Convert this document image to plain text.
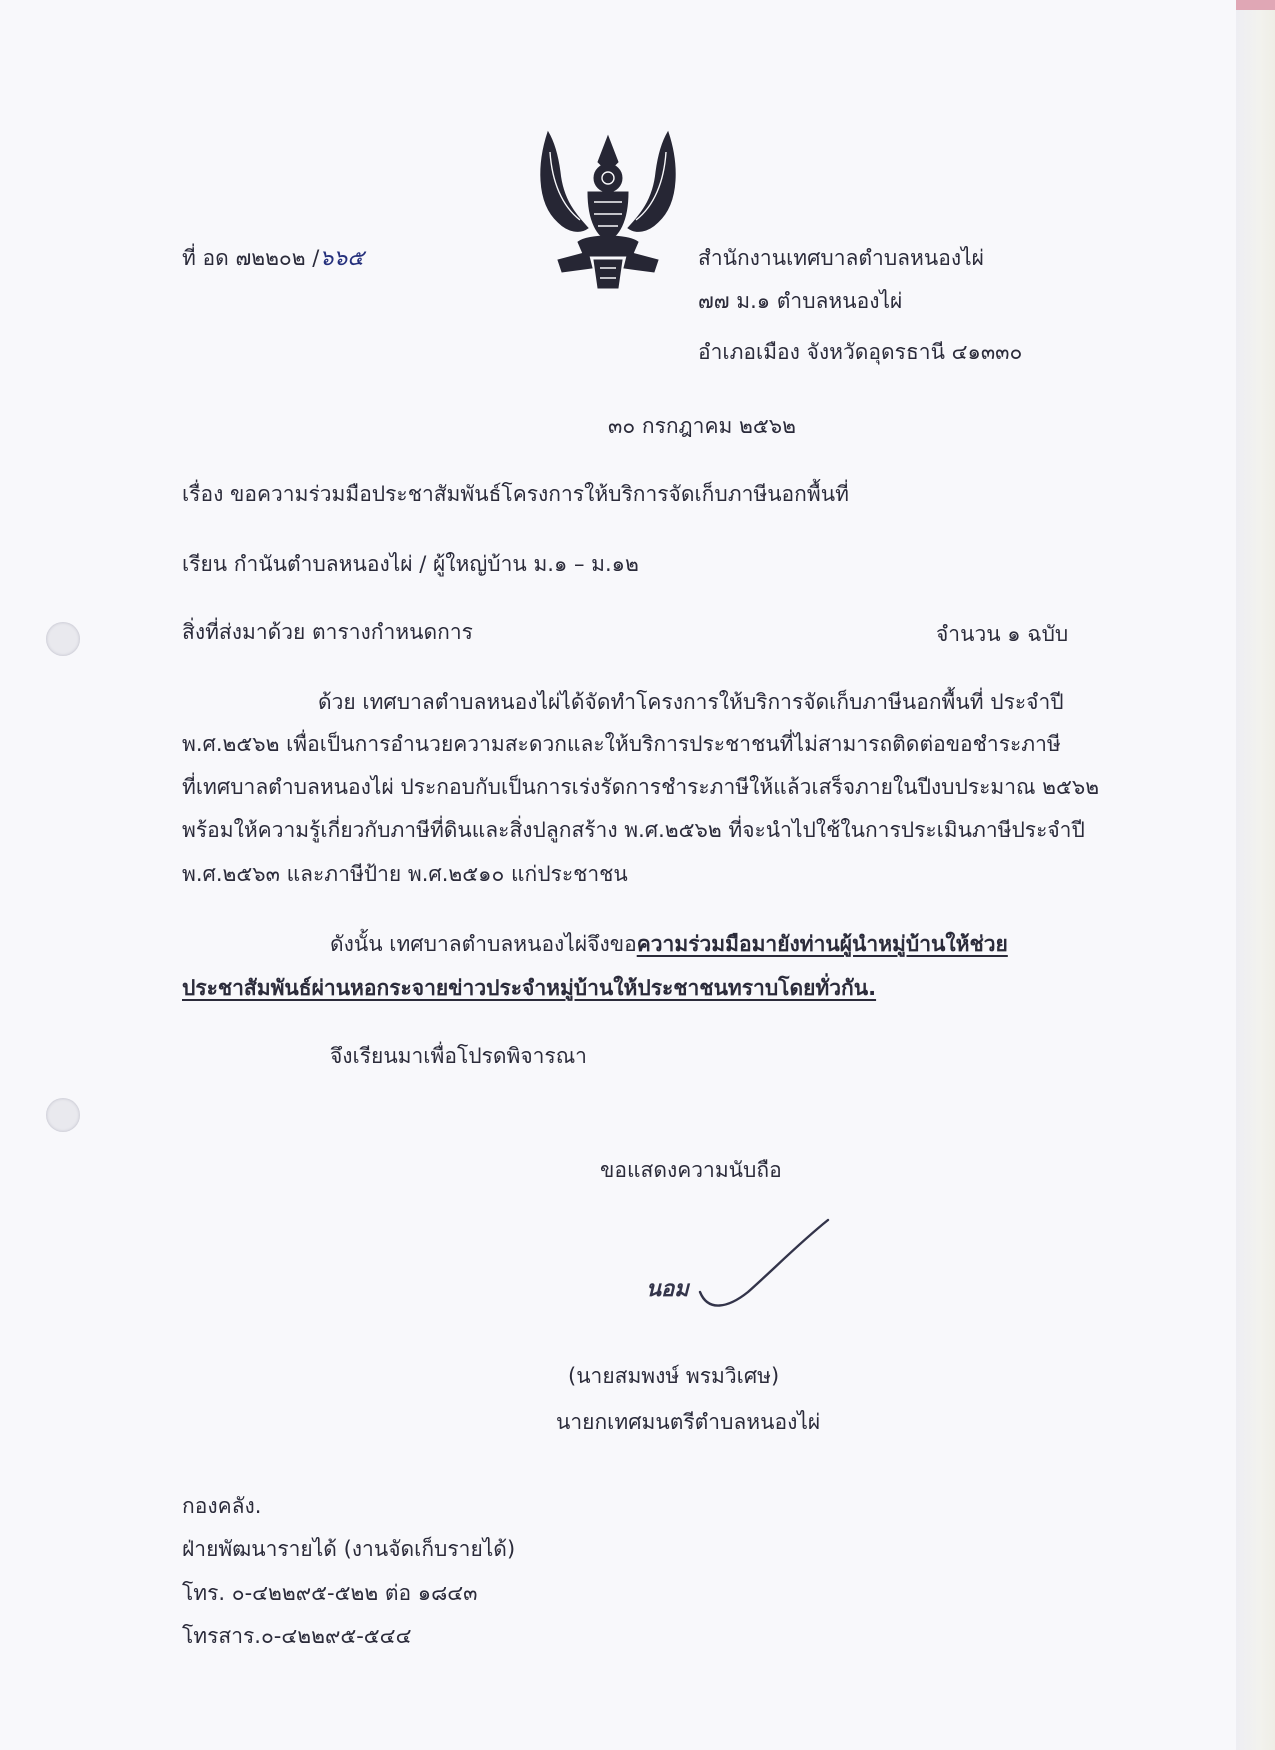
ที่ อด ๗๒๒๐๒ /๖๖๕	สำนักงานเทศบาลตำบลหนองไผ่
๗๗ ม.๑ ตำบลหนองไผ่
อำเภอเมือง จังหวัดอุดรธานี ๔๑๓๓๐
๓๐ กรกฎาคม ๒๕๖๒
เรื่อง ขอความร่วมมือประชาสัมพันธ์โครงการให้บริการจัดเก็บภาษีนอกพื้นที่
เรียน กำนันตำบลหนองไผ่ / ผู้ใหญ่บ้าน ม.๑ – ม.๑๒
สิ่งที่ส่งมาด้วย ตารางกำหนดการ	จำนวน ๑ ฉบับ
ด้วย เทศบาลตำบลหนองไผ่ได้จัดทำโครงการให้บริการจัดเก็บภาษีนอกพื้นที่ ประจำปี
พ.ศ.๒๕๖๒ เพื่อเป็นการอำนวยความสะดวกและให้บริการประชาชนที่ไม่สามารถติดต่อขอชำระภาษี
ที่เทศบาลตำบลหนองไผ่ ประกอบกับเป็นการเร่งรัดการชำระภาษีให้แล้วเสร็จภายในปีงบประมาณ ๒๕๖๒
พร้อมให้ความรู้เกี่ยวกับภาษีที่ดินและสิ่งปลูกสร้าง พ.ศ.๒๕๖๒ ที่จะนำไปใช้ในการประเมินภาษีประจำปี
พ.ศ.๒๕๖๓ และภาษีป้าย พ.ศ.๒๕๑๐ แก่ประชาชน
ดังนั้น เทศบาลตำบลหนองไผ่จึงขอความร่วมมือมายังท่านผู้นำหมู่บ้านให้ช่วย
ประชาสัมพันธ์ผ่านหอกระจายข่าวประจำหมู่บ้านให้ประชาชนทราบโดยทั่วกัน.
จึงเรียนมาเพื่อโปรดพิจารณา
ขอแสดงความนับถือ
นอม
(นายสมพงษ์ พรมวิเศษ)
นายกเทศมนตรีตำบลหนองไผ่
กองคลัง.
ฝ่ายพัฒนารายได้ (งานจัดเก็บรายได้)
โทร. ๐-๔๒๒๙๕-๕๒๒ ต่อ ๑๘๔๓
โทรสาร.๐-๔๒๒๙๕-๕๔๔
